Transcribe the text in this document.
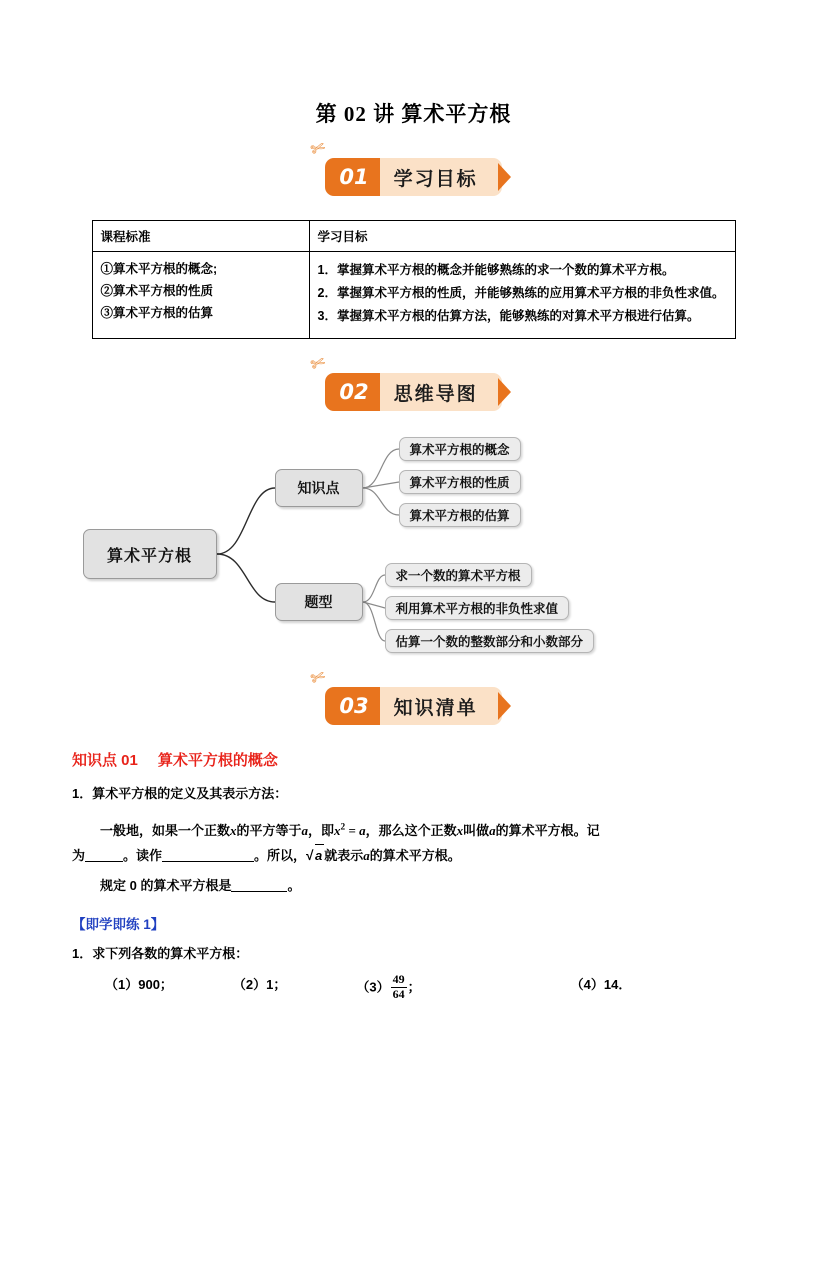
第 02 讲 算术平方根
✄
01	学习目标
课程标准	学习目标

①算术平方根的概念;
②算术平方根的性质
③算术平方根的估算

1．掌握算术平方根的概念并能够熟练的求一个数的算术平方根。
2．掌握算术平方根的性质，并能够熟练的应用算术平方根的非负性求值。
3．掌握算术平方根的估算方法，能够熟练的对算术平方根进行估算。
✄
02	思维导图
算术平方根
知识点
题型
算术平方根的概念
算术平方根的性质
算术平方根的估算
求一个数的算术平方根
利用算术平方根的非负性求值
估算一个数的整数部分和小数部分
✄
03	知识清单
知识点 01 算术平方根的概念
1．算术平方根的定义及其表示方法：
一般地，如果一个正数x的平方等于a，即$x^2 = a$，那么这个正数x叫做a的算术平方根。记
为	。读作	。所以， √ a 就表示a的算术平方根。
规定 0 的算术平方根是	。
【即学即练 1】
1．求下列各数的算术平方根：
（1）900；	（2）1；	$(3) \frac{49}{64}$ ；	（4）14．
